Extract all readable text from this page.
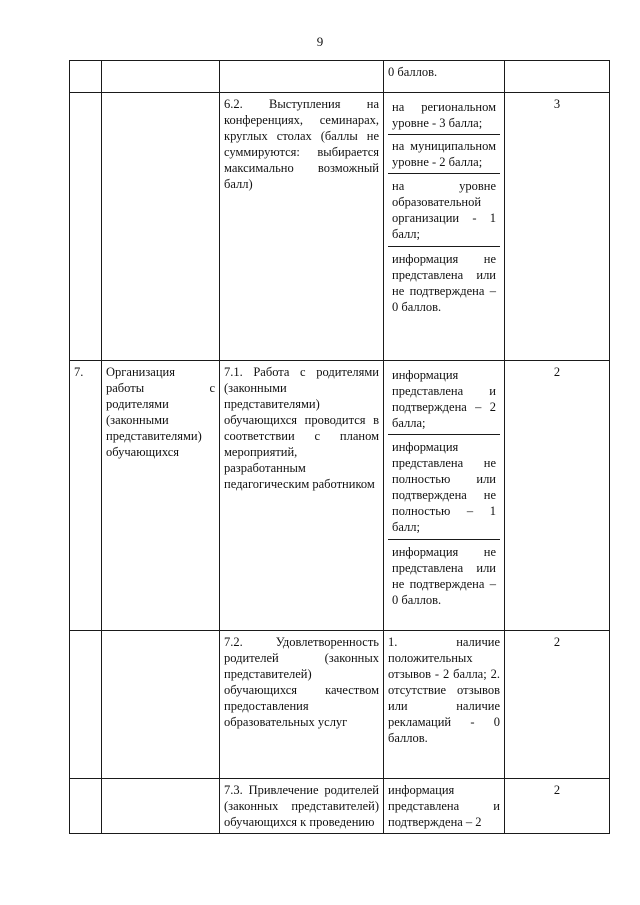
9
			0 баллов.	
		6.2. Выступления на конференциях, семинарах, круглых столах (баллы не суммируются: выбирается максимально возможный балл)	на региональном уровне - 3 балла;
на муниципальном уровне - 2 балла;
на уровне образовательной организации - 1 балл;
информация не представлена или не подтверждена – 0 баллов.	3
7.	Организация работы с родителями (законными представителями) обучающихся	7.1. Работа с родителями (законными представителями) обучающихся проводится в соответствии с планом мероприятий, разработанным педагогическим работником	информация представлена и подтверждена – 2 балла;
информация представлена не полностью или подтверждена не полностью – 1 балл;
информация не представлена или не подтверждена – 0 баллов.	2
		7.2. Удовлетворенность родителей (законных представителей) обучающихся качеством предоставления образовательных услуг	1. наличие положительных отзывов - 2 балла; 2. отсутствие отзывов или наличие рекламаций - 0 баллов.	2
		7.3. Привлечение родителей (законных представителей) обучающихся к проведению	информация представлена и подтверждена – 2	2
